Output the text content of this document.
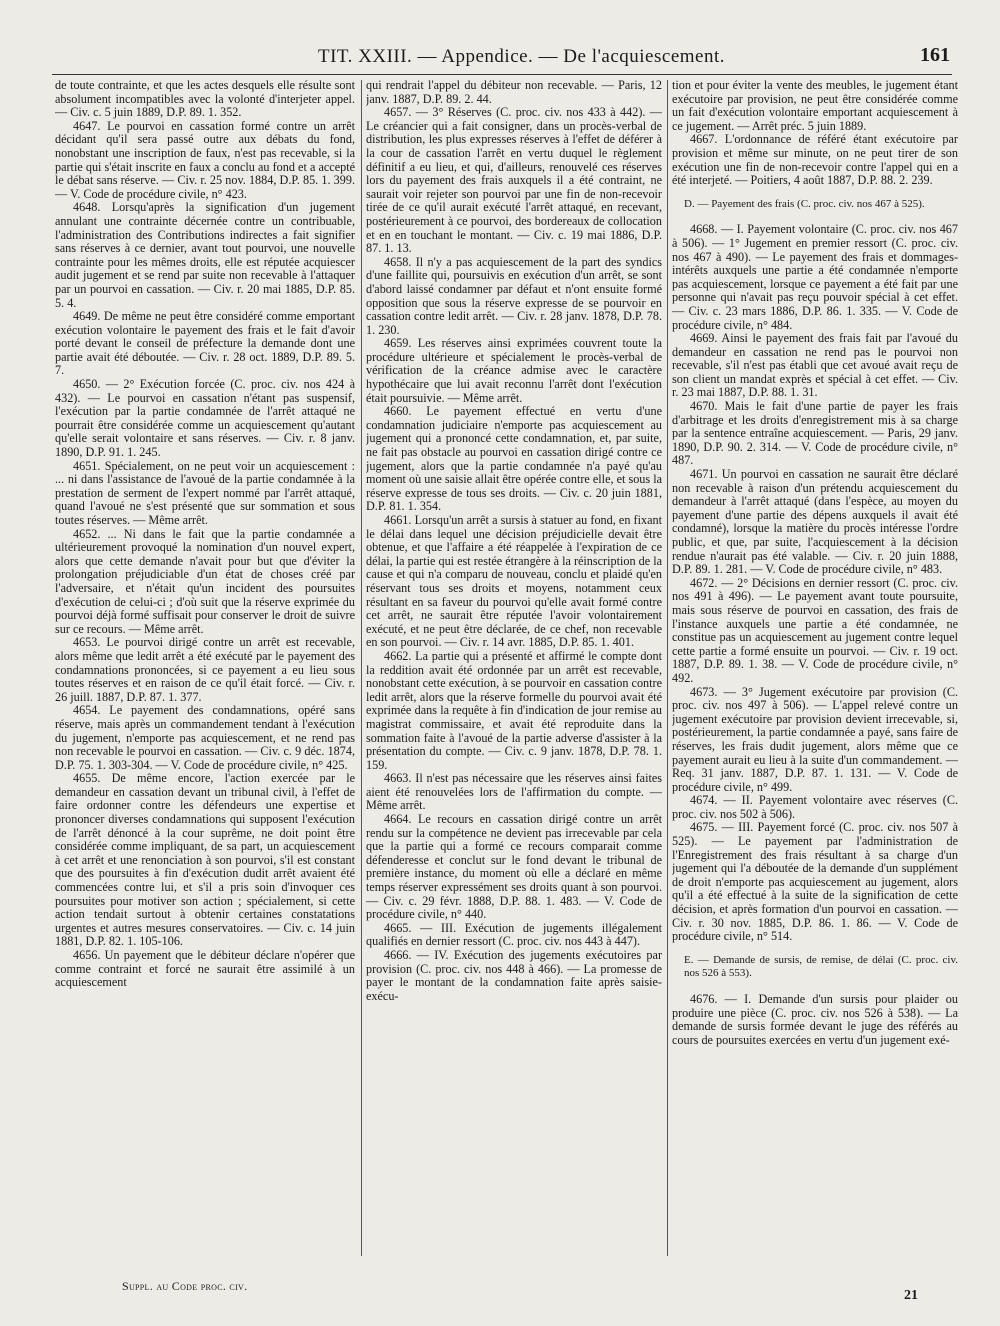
TIT. XXIII. — Appendice. — De l'acquiescement.	161

de toute contrainte, et que les actes desquels elle résulte sont absolument incompatibles avec la volonté d'interjeter appel. — Civ. c. 5 juin 1889, D.P. 89. 1. 352.

4647. Le pourvoi en cassation formé contre un arrêt décidant qu'il sera passé outre aux débats du fond, nonobstant une inscription de faux, n'est pas recevable, si la partie qui s'était inscrite en faux a conclu au fond et a accepté le débat sans réserve. — Civ. r. 25 nov. 1884, D.P. 85. 1. 399. — V. Code de procédure civile, n° 423.

4648. Lorsqu'après la signification d'un jugement annulant une contrainte décernée contre un contribuable, l'administration des Contributions indirectes a fait signifier sans réserves à ce dernier, avant tout pourvoi, une nouvelle contrainte pour les mêmes droits, elle est réputée acquiescer audit jugement et se rend par suite non recevable à l'attaquer par un pourvoi en cassation. — Civ. r. 20 mai 1885, D.P. 85. 5. 4.

4649. De même ne peut être considéré comme emportant exécution volontaire le payement des frais et le fait d'avoir porté devant le conseil de préfecture la demande dont une partie avait été déboutée. — Civ. r. 28 oct. 1889, D.P. 89. 5. 7.

4650. — 2° Exécution forcée (C. proc. civ. nos 424 à 432). — Le pourvoi en cassation n'étant pas suspensif, l'exécution par la partie condamnée de l'arrêt attaqué ne pourrait être considérée comme un acquiescement qu'autant qu'elle serait volontaire et sans réserves. — Civ. r. 8 janv. 1890, D.P. 91. 1. 245.

4651. Spécialement, on ne peut voir un acquiescement : ... ni dans l'assistance de l'avoué de la partie condamnée à la prestation de serment de l'expert nommé par l'arrêt attaqué, quand l'avoué ne s'est présenté que sur sommation et sous toutes réserves. — Même arrêt.

4652. ... Ni dans le fait que la partie condamnée a ultérieurement provoqué la nomination d'un nouvel expert, alors que cette demande n'avait pour but que d'éviter la prolongation préjudiciable d'un état de choses créé par l'adversaire, et n'était qu'un incident des poursuites d'exécution de celui-ci ; d'où suit que la réserve exprimée du pourvoi déjà formé suffisait pour conserver le droit de suivre sur ce recours. — Même arrêt.

4653. Le pourvoi dirigé contre un arrêt est recevable, alors même que ledit arrêt a été exécuté par le payement des condamnations prononcées, si ce payement a eu lieu sous toutes réserves et en raison de ce qu'il était forcé. — Civ. r. 26 juill. 1887, D.P. 87. 1. 377.

4654. Le payement des condamnations, opéré sans réserve, mais après un commandement tendant à l'exécution du jugement, n'emporte pas acquiescement, et ne rend pas non recevable le pourvoi en cassation. — Civ. c. 9 déc. 1874, D.P. 75. 1. 303-304. — V. Code de procédure civile, n° 425.

4655. De même encore, l'action exercée par le demandeur en cassation devant un tribunal civil, à l'effet de faire ordonner contre les défendeurs une expertise et prononcer diverses condamnations qui supposent l'exécution de l'arrêt dénoncé à la cour suprême, ne doit point être considérée comme impliquant, de sa part, un acquiescement à cet arrêt et une renonciation à son pourvoi, s'il est constant que des poursuites à fin d'exécution dudit arrêt avaient été commencées contre lui, et s'il a pris soin d'invoquer ces poursuites pour motiver son action ; spécialement, si cette action tendait surtout à obtenir certaines constatations urgentes et autres mesures conservatoires. — Civ. c. 14 juin 1881, D.P. 82. 1. 105-106.

4656. Un payement que le débiteur déclare n'opérer que comme contraint et forcé ne saurait être assimilé à un acquiescement

qui rendrait l'appel du débiteur non recevable. — Paris, 12 janv. 1887, D.P. 89. 2. 44.

4657. — 3° Réserves (C. proc. civ. nos 433 à 442). — Le créancier qui a fait consigner, dans un procès-verbal de distribution, les plus expresses réserves à l'effet de déférer à la cour de cassation l'arrêt en vertu duquel le règlement définitif a eu lieu, et qui, d'ailleurs, renouvelé ces réserves lors du payement des frais auxquels il a été contraint, ne saurait voir rejeter son pourvoi par une fin de non-recevoir tirée de ce qu'il aurait exécuté l'arrêt attaqué, en recevant, postérieurement à ce pourvoi, des bordereaux de collocation et en en touchant le montant. — Civ. c. 19 mai 1886, D.P. 87. 1. 13.

4658. Il n'y a pas acquiescement de la part des syndics d'une faillite qui, poursuivis en exécution d'un arrêt, se sont d'abord laissé condamner par défaut et n'ont ensuite formé opposition que sous la réserve expresse de se pourvoir en cassation contre ledit arrêt. — Civ. r. 28 janv. 1878, D.P. 78. 1. 230.

4659. Les réserves ainsi exprimées couvrent toute la procédure ultérieure et spécialement le procès-verbal de vérification de la créance admise avec le caractère hypothécaire que lui avait reconnu l'arrêt dont l'exécution était poursuivie. — Même arrêt.

4660. Le payement effectué en vertu d'une condamnation judiciaire n'emporte pas acquiescement au jugement qui a prononcé cette condamnation, et, par suite, ne fait pas obstacle au pourvoi en cassation dirigé contre ce jugement, alors que la partie condamnée n'a payé qu'au moment où une saisie allait être opérée contre elle, et sous la réserve expresse de tous ses droits. — Civ. c. 20 juin 1881, D.P. 81. 1. 354.

4661. Lorsqu'un arrêt a sursis à statuer au fond, en fixant le délai dans lequel une décision préjudicielle devait être obtenue, et que l'affaire a été réappelée à l'expiration de ce délai, la partie qui est restée étrangère à la réinscription de la cause et qui n'a comparu de nouveau, conclu et plaidé qu'en réservant tous ses droits et moyens, notamment ceux résultant en sa faveur du pourvoi qu'elle avait formé contre cet arrêt, ne saurait être réputée l'avoir volontairement exécuté, et ne peut être déclarée, de ce chef, non recevable en son pourvoi. — Civ. r. 14 avr. 1885, D.P. 85. 1. 401.

4662. La partie qui a présenté et affirmé le compte dont la reddition avait été ordonnée par un arrêt est recevable, nonobstant cette exécution, à se pourvoir en cassation contre ledit arrêt, alors que la réserve formelle du pourvoi avait été exprimée dans la requête à fin d'indication de jour remise au magistrat commissaire, et avait été reproduite dans la sommation faite à l'avoué de la partie adverse d'assister à la présentation du compte. — Civ. c. 9 janv. 1878, D.P. 78. 1. 159.

4663. Il n'est pas nécessaire que les réserves ainsi faites aient été renouvelées lors de l'affirmation du compte. — Même arrêt.

4664. Le recours en cassation dirigé contre un arrêt rendu sur la compétence ne devient pas irrecevable par cela que la partie qui a formé ce recours comparait comme défenderesse et conclut sur le fond devant le tribunal de première instance, du moment où elle a déclaré en même temps réserver expressément ses droits quant à son pourvoi. — Civ. c. 29 févr. 1888, D.P. 88. 1. 483. — V. Code de procédure civile, n° 440.

4665. — III. Exécution de jugements illégalement qualifiés en dernier ressort (C. proc. civ. nos 443 à 447).

4666. — IV. Exécution des jugements exécutoires par provision (C. proc. civ. nos 448 à 466). — La promesse de payer le montant de la condamnation faite après saisie-exécu-

tion et pour éviter la vente des meubles, le jugement étant exécutoire par provision, ne peut être considérée comme un fait d'exécution volontaire emportant acquiescement à ce jugement. — Arrêt préc. 5 juin 1889.

4667. L'ordonnance de référé étant exécutoire par provision et même sur minute, on ne peut tirer de son exécution une fin de non-recevoir contre l'appel qui en a été interjeté. — Poitiers, 4 août 1887, D.P. 88. 2. 239.

D. — Payement des frais (C. proc. civ. nos 467 à 525).

4668. — I. Payement volontaire (C. proc. civ. nos 467 à 506). — 1° Jugement en premier ressort (C. proc. civ. nos 467 à 490). — Le payement des frais et dommages-intérêts auxquels une partie a été condamnée n'emporte pas acquiescement, lorsque ce payement a été fait par une personne qui n'avait pas reçu pouvoir spécial à cet effet. — Civ. c. 23 mars 1886, D.P. 86. 1. 335. — V. Code de procédure civile, n° 484.

4669. Ainsi le payement des frais fait par l'avoué du demandeur en cassation ne rend pas le pourvoi non recevable, s'il n'est pas établi que cet avoué avait reçu de son client un mandat exprès et spécial à cet effet. — Civ. r. 23 mai 1887, D.P. 88. 1. 31.

4670. Mais le fait d'une partie de payer les frais d'arbitrage et les droits d'enregistrement mis à sa charge par la sentence entraîne acquiescement. — Paris, 29 janv. 1890, D.P. 90. 2. 314. — V. Code de procédure civile, n° 487.

4671. Un pourvoi en cassation ne saurait être déclaré non recevable à raison d'un prétendu acquiescement du demandeur à l'arrêt attaqué (dans l'espèce, au moyen du payement d'une partie des dépens auxquels il avait été condamné), lorsque la matière du procès intéresse l'ordre public, et que, par suite, l'acquiescement à la décision rendue n'aurait pas été valable. — Civ. r. 20 juin 1888, D.P. 89. 1. 281. — V. Code de procédure civile, n° 483.

4672. — 2° Décisions en dernier ressort (C. proc. civ. nos 491 à 496). — Le payement avant toute poursuite, mais sous réserve de pourvoi en cassation, des frais de l'instance auxquels une partie a été condamnée, ne constitue pas un acquiescement au jugement contre lequel cette partie a formé ensuite un pourvoi. — Civ. r. 19 oct. 1887, D.P. 89. 1. 38. — V. Code de procédure civile, n° 492.

4673. — 3° Jugement exécutoire par provision (C. proc. civ. nos 497 à 506). — L'appel relevé contre un jugement exécutoire par provision devient irrecevable, si, postérieurement, la partie condamnée a payé, sans faire de réserves, les frais dudit jugement, alors même que ce payement aurait eu lieu à la suite d'un commandement. — Req. 31 janv. 1887, D.P. 87. 1. 131. — V. Code de procédure civile, n° 499.

4674. — II. Payement volontaire avec réserves (C. proc. civ. nos 502 à 506).

4675. — III. Payement forcé (C. proc. civ. nos 507 à 525). — Le payement par l'administration de l'Enregistrement des frais résultant à sa charge d'un jugement qui l'a déboutée de la demande d'un supplément de droit n'emporte pas acquiescement au jugement, alors qu'il a été effectué à la suite de la signification de cette décision, et après formation d'un pourvoi en cassation. — Civ. r. 30 nov. 1885, D.P. 86. 1. 86. — V. Code de procédure civile, n° 514.

E. — Demande de sursis, de remise, de délai (C. proc. civ. nos 526 à 553).

4676. — I. Demande d'un sursis pour plaider ou produire une pièce (C. proc. civ. nos 526 à 538). — La demande de sursis formée devant le juge des référés au cours de poursuites exercées en vertu d'un jugement exé-

Suppl. au Code proc. civ.
21
